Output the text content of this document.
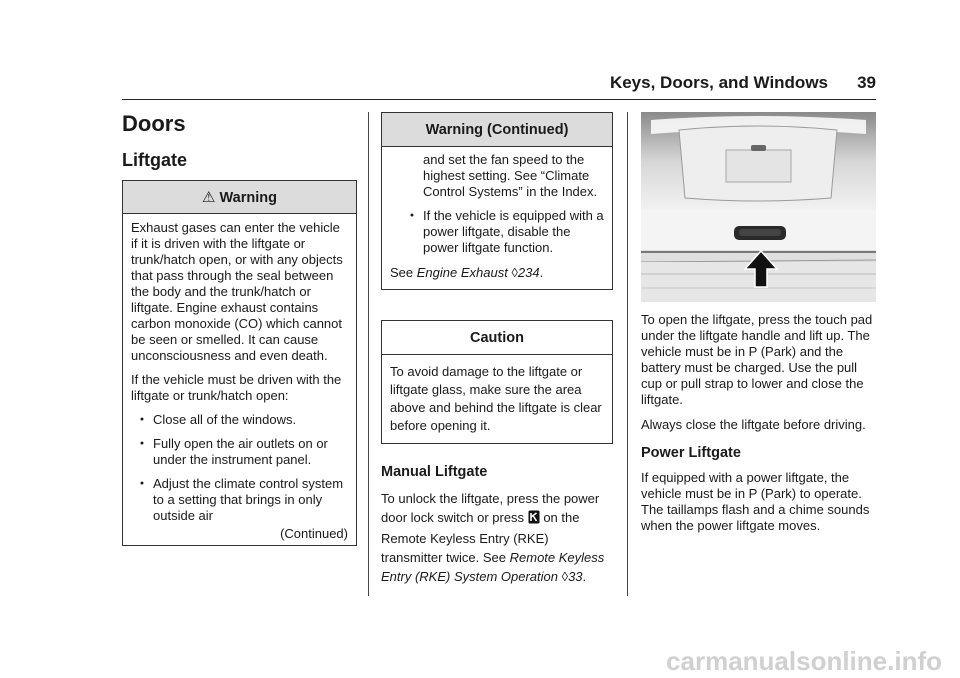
Keys, Doors, and Windows 39
Doors
Liftgate
⚠ Warning

Exhaust gases can enter the vehicle if it is driven with the liftgate or trunk/hatch open, or with any objects that pass through the seal between the body and the trunk/hatch or liftgate. Engine exhaust contains carbon monoxide (CO) which cannot be seen or smelled. It can cause unconsciousness and even death.

If the vehicle must be driven with the liftgate or trunk/hatch open:

● Close all of the windows.
● Fully open the air outlets on or under the instrument panel.
● Adjust the climate control system to a setting that brings in only outside air
(Continued)
Warning (Continued)

and set the fan speed to the highest setting. See “Climate Control Systems” in the Index.

● If the vehicle is equipped with a power liftgate, disable the power liftgate function.

See Engine Exhaust ◊234.

Caution

To avoid damage to the liftgate or liftgate glass, make sure the area above and behind the liftgate is clear before opening it.

Manual Liftgate

To unlock the liftgate, press the power door lock switch or press on the Remote Keyless Entry (RKE) transmitter twice. See Remote Keyless Entry (RKE) System Operation ◊33.

To open the liftgate, press the touch pad under the liftgate handle and lift up. The vehicle must be in P (Park) and the battery must be charged. Use the pull cup or pull strap to lower and close the liftgate.

Always close the liftgate before driving.

Power Liftgate

If equipped with a power liftgate, the vehicle must be in P (Park) to operate. The taillamps flash and a chime sounds when the power liftgate moves.

carmanualsonline.info
